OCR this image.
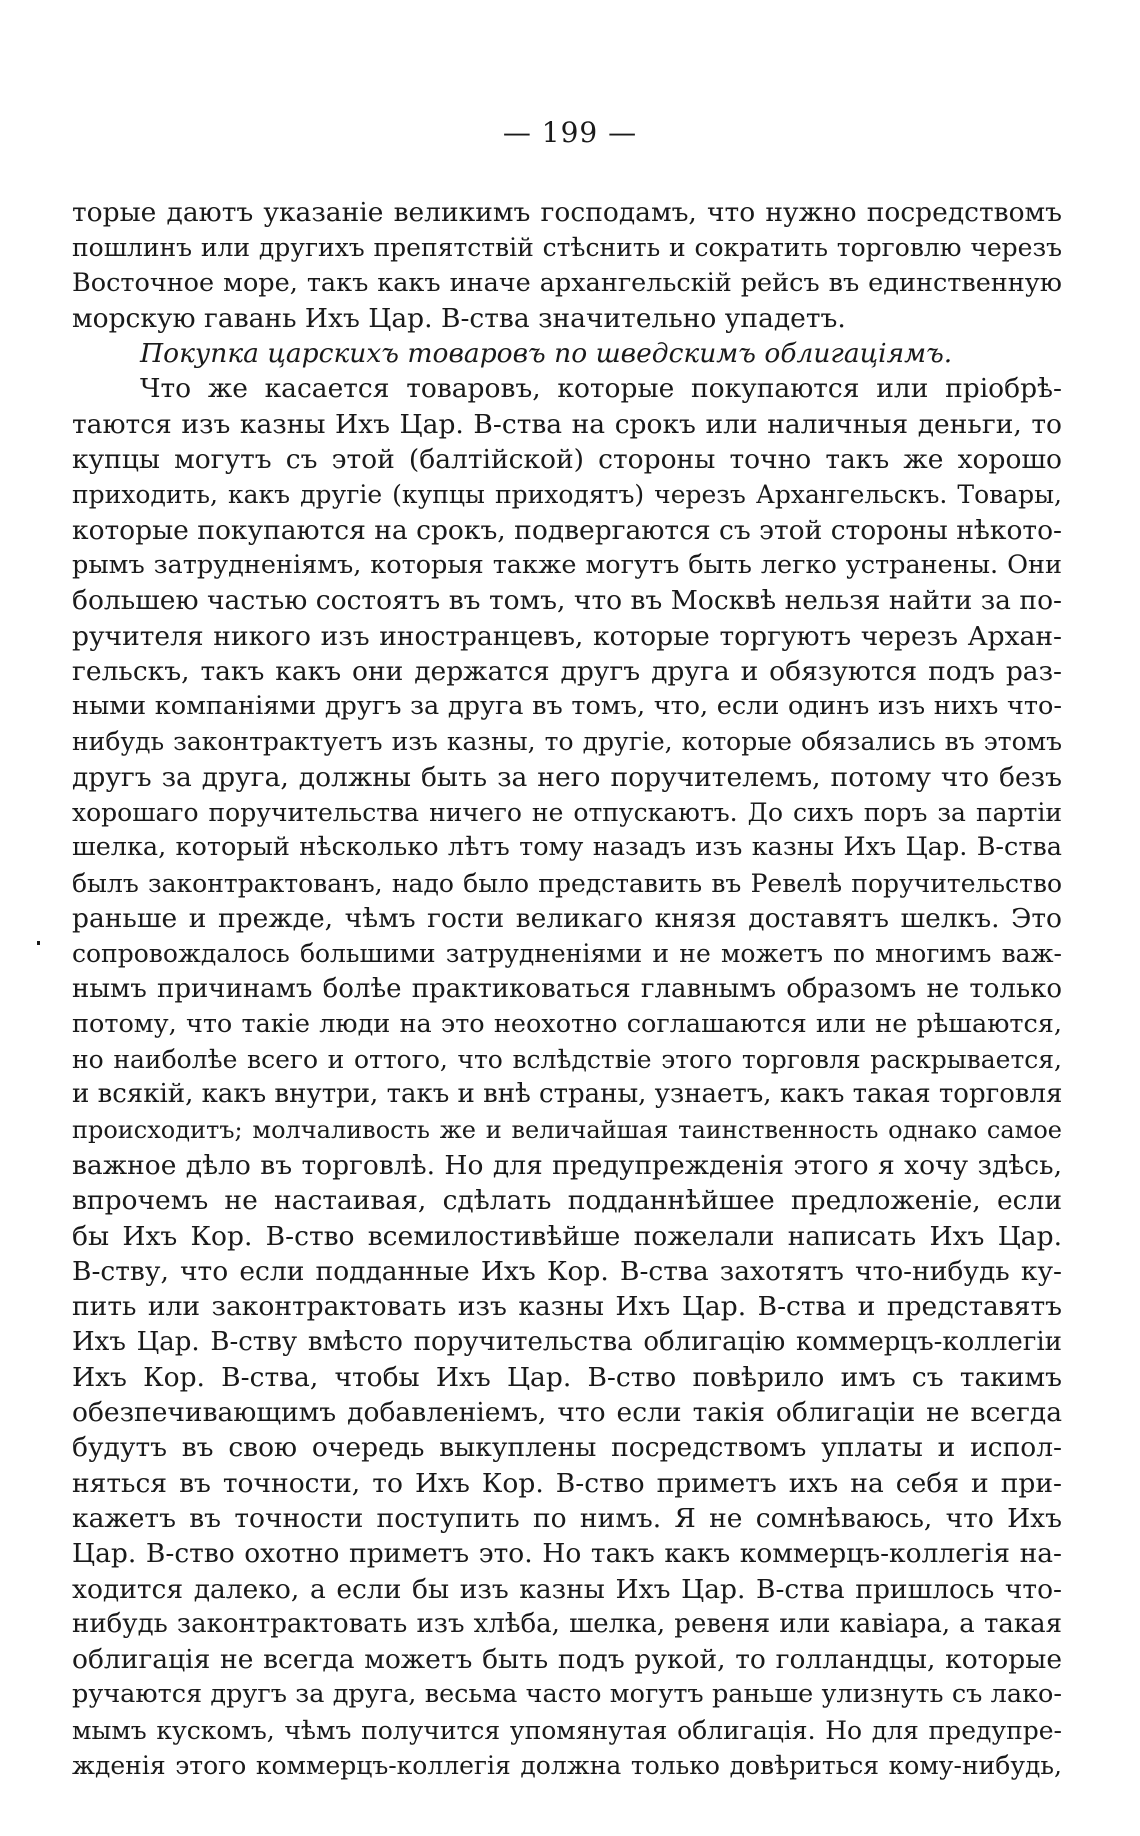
— 199 —
торые даютъ указаніе великимъ господамъ, что нужно посредствомъ
пошлинъ или другихъ препятствій стѣснить и сократить торговлю черезъ
Восточное море, такъ какъ иначе архангельскій рейсъ въ единственную
морскую гавань Ихъ Цар. В-ства значительно упадетъ.
Покупка царскихъ товаровъ по шведскимъ облигаціямъ.
Что же касается товаровъ, которые покупаются или пріобрѣ-
таются изъ казны Ихъ Цар. В-ства на срокъ или наличныя деньги, то
купцы могутъ съ этой (балтійской) стороны точно такъ же хорошо
приходить, какъ другіе (купцы приходятъ) черезъ Архангельскъ. Товары,
которые покупаются на срокъ, подвергаются съ этой стороны нѣкото-
рымъ затрудненіямъ, которыя также могутъ быть легко устранены. Они
большею частью состоятъ въ томъ, что въ Москвѣ нельзя найти за по-
ручителя никого изъ иностранцевъ, которые торгуютъ черезъ Архан-
гельскъ, такъ какъ они держатся другъ друга и обязуются подъ раз-
ными компаніями другъ за друга въ томъ, что, если одинъ изъ нихъ что-
нибудь законтрактуетъ изъ казны, то другіе, которые обязались въ этомъ
другъ за друга, должны быть за него поручителемъ, потому что безъ
хорошаго поручительства ничего не отпускаютъ. До сихъ поръ за партіи
шелка, который нѣсколько лѣтъ тому назадъ изъ казны Ихъ Цар. В-ства
былъ законтрактованъ, надо было представить въ Ревелѣ поручительство
раньше и прежде, чѣмъ гости великаго князя доставятъ шелкъ. Это
сопровождалось большими затрудненіями и не можетъ по многимъ важ-
нымъ причинамъ болѣе практиковаться главнымъ образомъ не только
потому, что такіе люди на это неохотно соглашаются или не рѣшаются,
но наиболѣе всего и оттого, что вслѣдствіе этого торговля раскрывается,
и всякій, какъ внутри, такъ и внѣ страны, узнаетъ, какъ такая торговля
происходитъ; молчаливость же и величайшая таинственность однако самое
важное дѣло въ торговлѣ. Но для предупрежденія этого я хочу здѣсь,
впрочемъ не настаивая, сдѣлать подданнѣйшее предложеніе, если
бы Ихъ Кор. В-ство всемилостивѣйше пожелали написать Ихъ Цар.
В-ству, что если подданные Ихъ Кор. В-ства захотятъ что-нибудь ку-
пить или законтрактовать изъ казны Ихъ Цар. В-ства и представятъ
Ихъ Цар. В-ству вмѣсто поручительства облигацію коммерцъ-коллегіи
Ихъ Кор. В-ства, чтобы Ихъ Цар. В-ство повѣрило имъ съ такимъ
обезпечивающимъ добавленіемъ, что если такія облигаціи не всегда
будутъ въ свою очередь выкуплены посредствомъ уплаты и испол-
няться въ точности, то Ихъ Кор. В-ство приметъ ихъ на себя и при-
кажетъ въ точности поступить по нимъ. Я не сомнѣваюсь, что Ихъ
Цар. В-ство охотно приметъ это. Но такъ какъ коммерцъ-коллегія на-
ходится далеко, а если бы изъ казны Ихъ Цар. В-ства пришлось что-
нибудь законтрактовать изъ хлѣба, шелка, ревеня или кавіара, а такая
облигація не всегда можетъ быть подъ рукой, то голландцы, которые
ручаются другъ за друга, весьма часто могутъ раньше улизнуть съ лако-
мымъ кускомъ, чѣмъ получится упомянутая облигація. Но для предупре-
жденія этого коммерцъ-коллегія должна только довѣриться кому-нибудь,
